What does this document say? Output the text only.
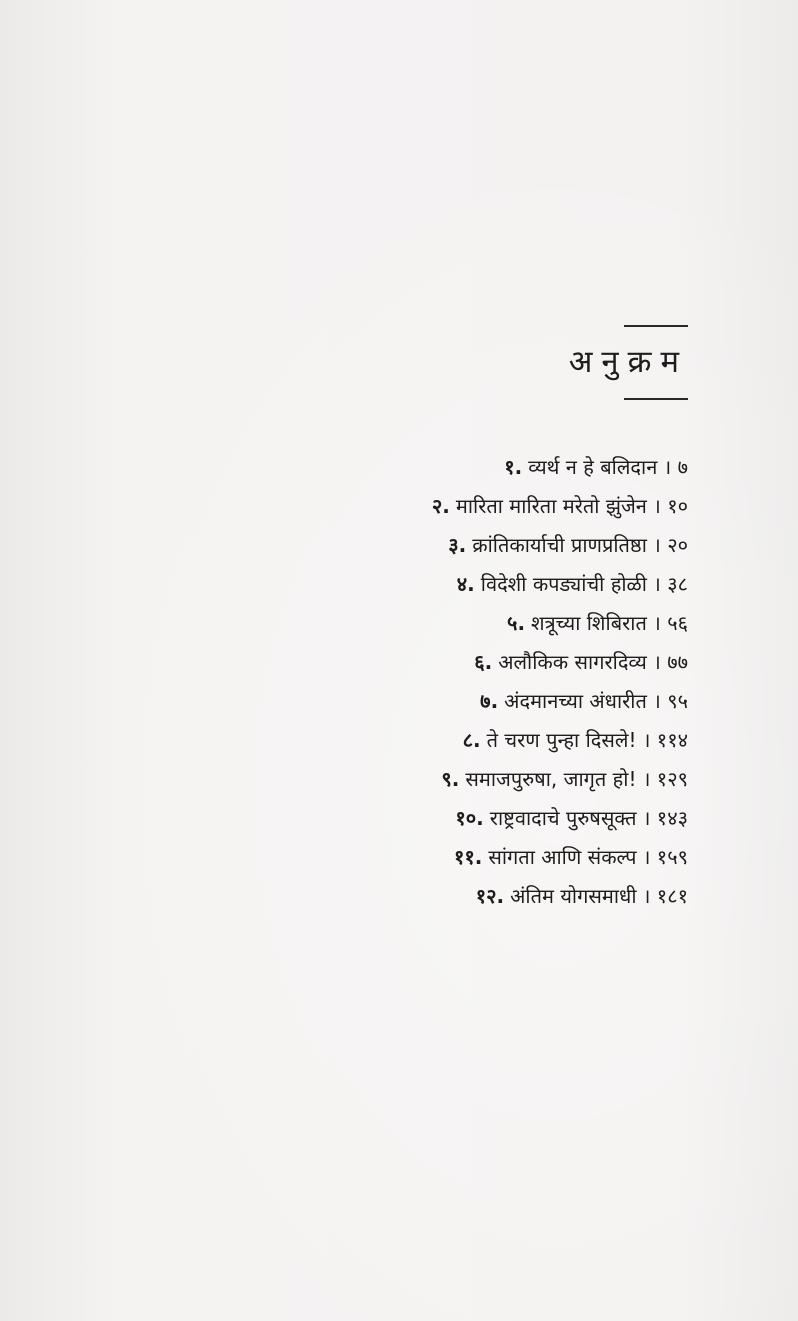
अनुक्रम
१. व्यर्थ न हे बलिदान । ७
२. मारिता मारिता मरेतो झुंजेन । १०
३. क्रांतिकार्याची प्राणप्रतिष्ठा । २०
४. विदेशी कपड्यांची होळी । ३८
५. शत्रूच्या शिबिरात । ५६
६. अलौकिक सागरदिव्य । ७७
७. अंदमानच्या अंधारीत । ९५
८. ते चरण पुन्हा दिसले! । ११४
९. समाजपुरुषा, जागृत हो! । १२९
१०. राष्ट्रवादाचे पुरुषसूक्त । १४३
११. सांगता आणि संकल्प । १५९
१२. अंतिम योगसमाधी । १८१
